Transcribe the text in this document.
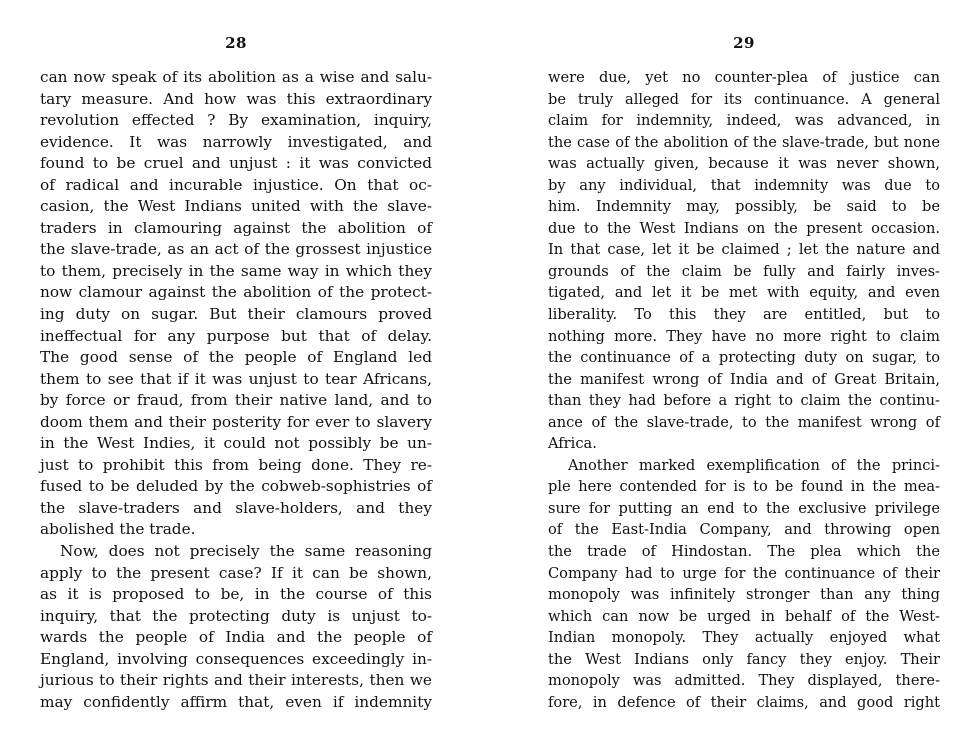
28
can now speak of its abolition as a wise and salu-
tary measure. And how was this extraordinary
revolution effected ? By examination, inquiry,
evidence. It was narrowly investigated, and
found to be cruel and unjust : it was convicted
of radical and incurable injustice. On that oc-
casion, the West Indians united with the slave-
traders in clamouring against the abolition of
the slave-trade, as an act of the grossest injustice
to them, precisely in the same way in which they
now clamour against the abolition of the protect-
ing duty on sugar. But their clamours proved
ineffectual for any purpose but that of delay.
The good sense of the people of England led
them to see that if it was unjust to tear Africans,
by force or fraud, from their native land, and to
doom them and their posterity for ever to slavery
in the West Indies, it could not possibly be un-
just to prohibit this from being done. They re-
fused to be deluded by the cobweb-sophistries of
the slave-traders and slave-holders, and they
abolished the trade.
Now, does not precisely the same reasoning
apply to the present case? If it can be shown,
as it is proposed to be, in the course of this
inquiry, that the protecting duty is unjust to-
wards the people of India and the people of
England, involving consequences exceedingly in-
jurious to their rights and their interests, then we
may confidently affirm that, even if indemnity
29
were due, yet no counter-plea of justice can
be truly alleged for its continuance. A general
claim for indemnity, indeed, was advanced, in
the case of the abolition of the slave-trade, but none
was actually given, because it was never shown,
by any individual, that indemnity was due to
him. Indemnity may, possibly, be said to be
due to the West Indians on the present occasion.
In that case, let it be claimed ; let the nature and
grounds of the claim be fully and fairly inves-
tigated, and let it be met with equity, and even
liberality. To this they are entitled, but to
nothing more. They have no more right to claim
the continuance of a protecting duty on sugar, to
the manifest wrong of India and of Great Britain,
than they had before a right to claim the continu-
ance of the slave-trade, to the manifest wrong of
Africa.
Another marked exemplification of the princi-
ple here contended for is to be found in the mea-
sure for putting an end to the exclusive privilege
of the East-India Company, and throwing open
the trade of Hindostan. The plea which the
Company had to urge for the continuance of their
monopoly was infinitely stronger than any thing
which can now be urged in behalf of the West-
Indian monopoly. They actually enjoyed what
the West Indians only fancy they enjoy. Their
monopoly was admitted. They displayed, there-
fore, in defence of their claims, and good right
